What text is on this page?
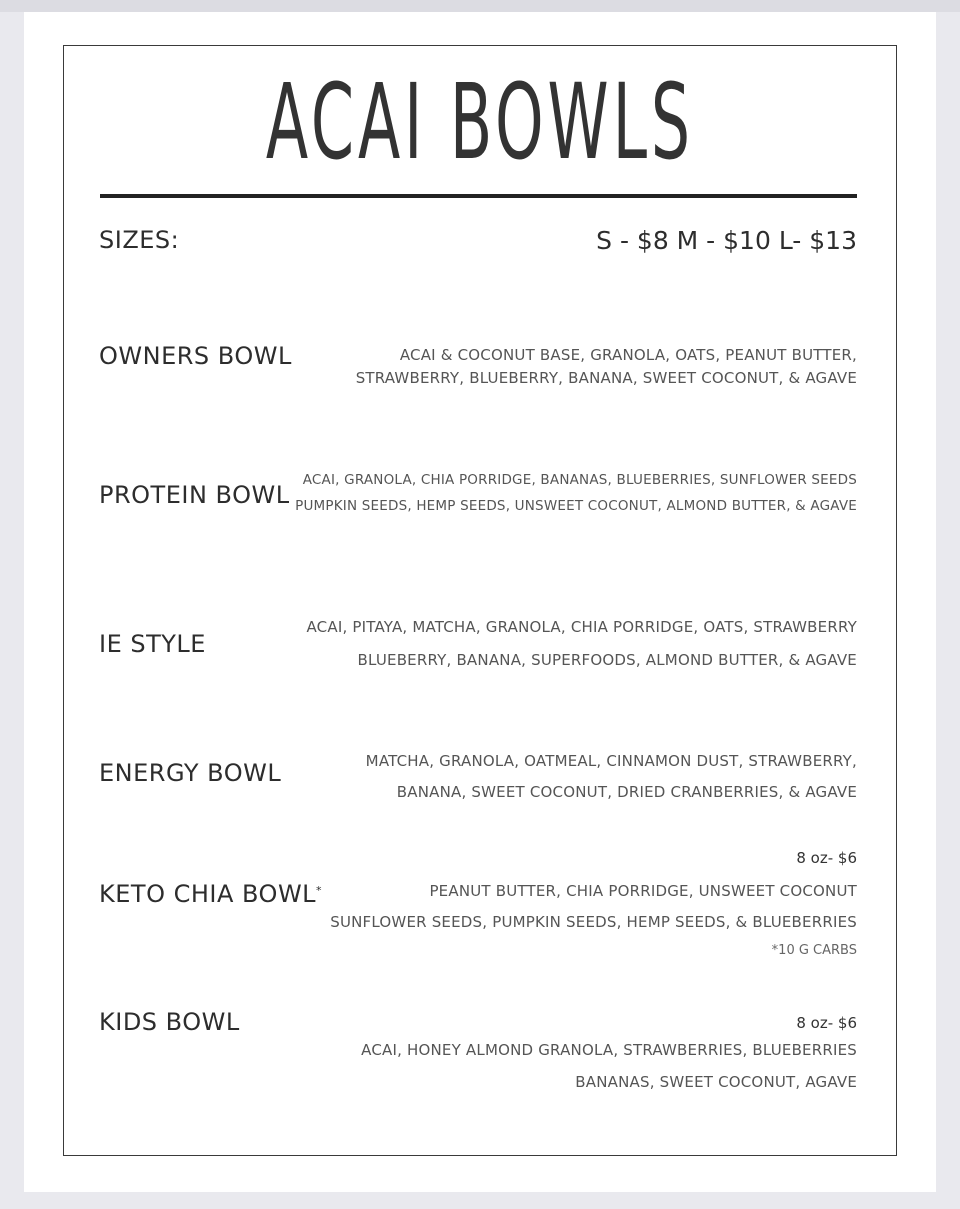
ACAI BOWLS
SIZES:	S - $8 M - $10 L- $13
OWNERS BOWL	ACAI & COCONUT BASE, GRANOLA, OATS, PEANUT BUTTER,
STRAWBERRY, BLUEBERRY, BANANA, SWEET COCONUT, & AGAVE
PROTEIN BOWL
ACAI, GRANOLA, CHIA PORRIDGE, BANANAS, BLUEBERRIES, SUNFLOWER SEEDS
PUMPKIN SEEDS, HEMP SEEDS, UNSWEET COCONUT, ALMOND BUTTER, & AGAVE
IE STYLE
ACAI, PITAYA, MATCHA, GRANOLA, CHIA PORRIDGE, OATS, STRAWBERRY
BLUEBERRY, BANANA, SUPERFOODS, ALMOND BUTTER, & AGAVE
ENERGY BOWL	MATCHA, GRANOLA, OATMEAL, CINNAMON DUST, STRAWBERRY,
BANANA, SWEET COCONUT, DRIED CRANBERRIES, & AGAVE
KETO CHIA BOWL*
8 oz- $6
PEANUT BUTTER, CHIA PORRIDGE, UNSWEET COCONUT
SUNFLOWER SEEDS, PUMPKIN SEEDS, HEMP SEEDS, & BLUEBERRIES
*10 G CARBS
KIDS BOWL	8 oz- $6
ACAI, HONEY ALMOND GRANOLA, STRAWBERRIES, BLUEBERRIES
BANANAS, SWEET COCONUT, AGAVE
